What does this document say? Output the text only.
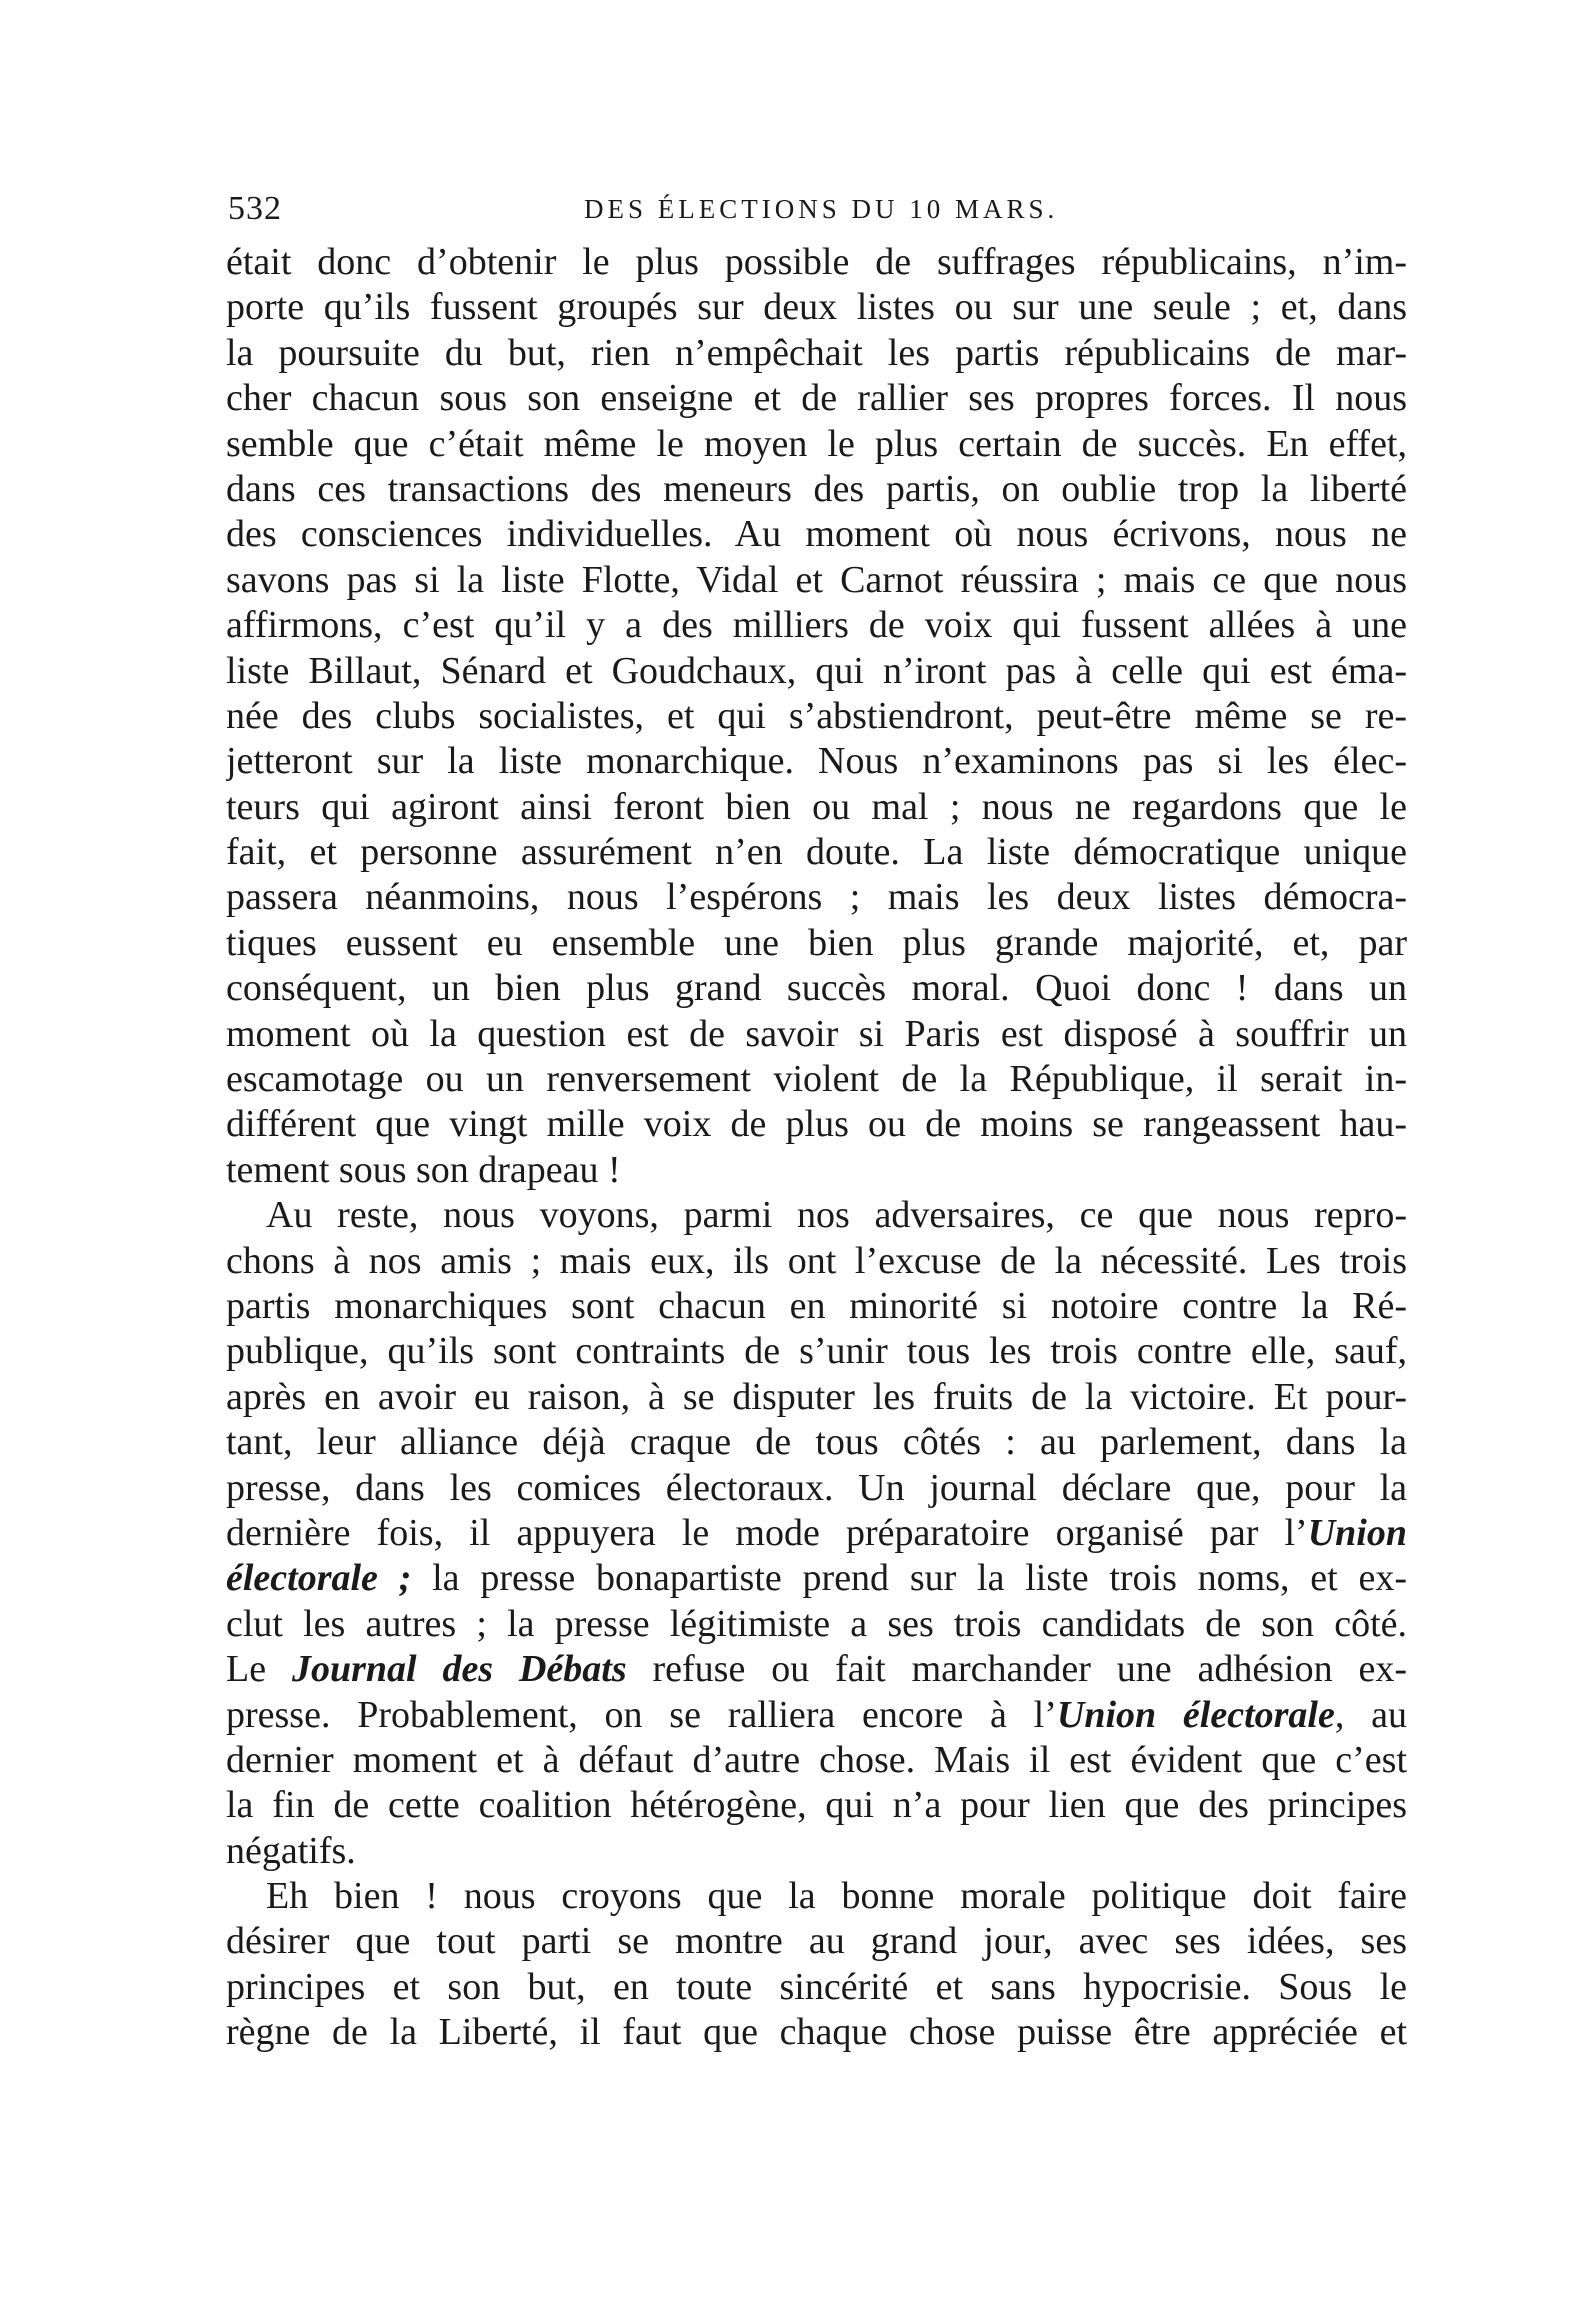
532	DES ÉLECTIONS DU 10 MARS.
était donc d’obtenir le plus possible de suffrages républicains, n’im-
porte qu’ils fussent groupés sur deux listes ou sur une seule ; et, dans
la poursuite du but, rien n’empêchait les partis républicains de mar-
cher chacun sous son enseigne et de rallier ses propres forces. Il nous
semble que c’était même le moyen le plus certain de succès. En effet,
dans ces transactions des meneurs des partis, on oublie trop la liberté
des consciences individuelles. Au moment où nous écrivons, nous ne
savons pas si la liste Flotte, Vidal et Carnot réussira ; mais ce que nous
affirmons, c’est qu’il y a des milliers de voix qui fussent allées à une
liste Billaut, Sénard et Goudchaux, qui n’iront pas à celle qui est éma-
née des clubs socialistes, et qui s’abstiendront, peut-être même se re-
jetteront sur la liste monarchique. Nous n’examinons pas si les élec-
teurs qui agiront ainsi feront bien ou mal ; nous ne regardons que le
fait, et personne assurément n’en doute. La liste démocratique unique
passera néanmoins, nous l’espérons ; mais les deux listes démocra-
tiques eussent eu ensemble une bien plus grande majorité, et, par
conséquent, un bien plus grand succès moral. Quoi donc ! dans un
moment où la question est de savoir si Paris est disposé à souffrir un
escamotage ou un renversement violent de la République, il serait in-
différent que vingt mille voix de plus ou de moins se rangeassent hau-
tement sous son drapeau !
Au reste, nous voyons, parmi nos adversaires, ce que nous repro-
chons à nos amis ; mais eux, ils ont l’excuse de la nécessité. Les trois
partis monarchiques sont chacun en minorité si notoire contre la Ré-
publique, qu’ils sont contraints de s’unir tous les trois contre elle, sauf,
après en avoir eu raison, à se disputer les fruits de la victoire. Et pour-
tant, leur alliance déjà craque de tous côtés : au parlement, dans la
presse, dans les comices électoraux. Un journal déclare que, pour la
dernière fois, il appuyera le mode préparatoire organisé par l’Union
électorale ; la presse bonapartiste prend sur la liste trois noms, et ex-
clut les autres ; la presse légitimiste a ses trois candidats de son côté.
Le Journal des Débats refuse ou fait marchander une adhésion ex-
presse. Probablement, on se ralliera encore à l’Union électorale, au
dernier moment et à défaut d’autre chose. Mais il est évident que c’est
la fin de cette coalition hétérogène, qui n’a pour lien que des principes
négatifs.
Eh bien ! nous croyons que la bonne morale politique doit faire
désirer que tout parti se montre au grand jour, avec ses idées, ses
principes et son but, en toute sincérité et sans hypocrisie. Sous le
règne de la Liberté, il faut que chaque chose puisse être appréciée et
